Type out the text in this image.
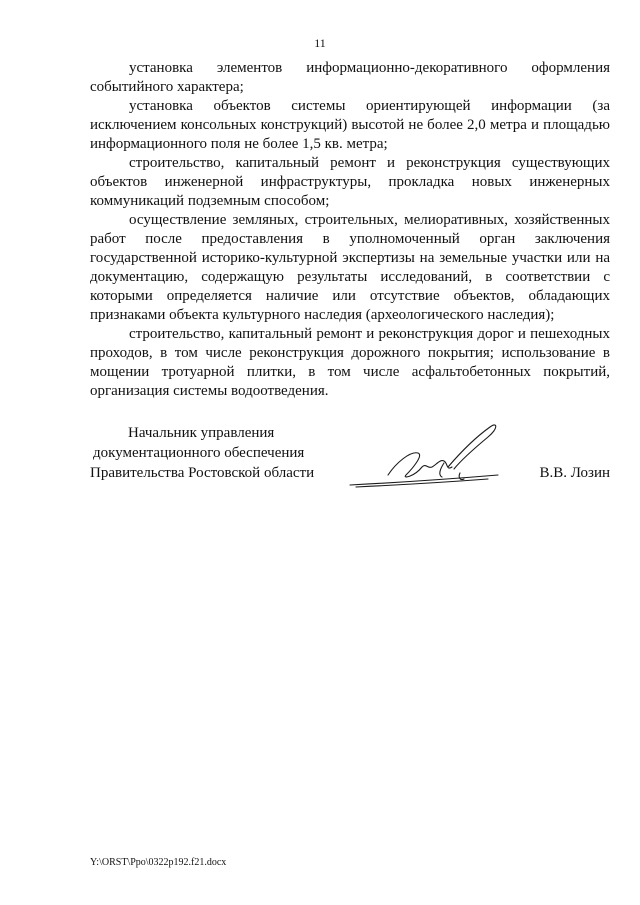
11

установка элементов информационно-декоративного оформления событийного характера;

установка объектов системы ориентирующей информации (за исключением консольных конструкций) высотой не более 2,0 метра и площадью информационного поля не более 1,5 кв. метра;

строительство, капитальный ремонт и реконструкция существующих объектов инженерной инфраструктуры, прокладка новых инженерных коммуникаций подземным способом;

осуществление земляных, строительных, мелиоративных, хозяйственных работ после предоставления в уполномоченный орган заключения государственной историко-культурной экспертизы на земельные участки или на документацию, содержащую результаты исследований, в соответствии с которыми определяется наличие или отсутствие объектов, обладающих признаками объекта культурного наследия (археологического наследия);

строительство, капитальный ремонт и реконструкция дорог и пешеходных проходов, в том числе реконструкция дорожного покрытия; использование в мощении тротуарной плитки, в том числе асфальтобетонных покрытий, организация системы водоотведения.

Начальник управления
документационного обеспечения
Правительства Ростовской области	В.В. Лозин
Y:\ORST\Ppo\0322p192.f21.docx
